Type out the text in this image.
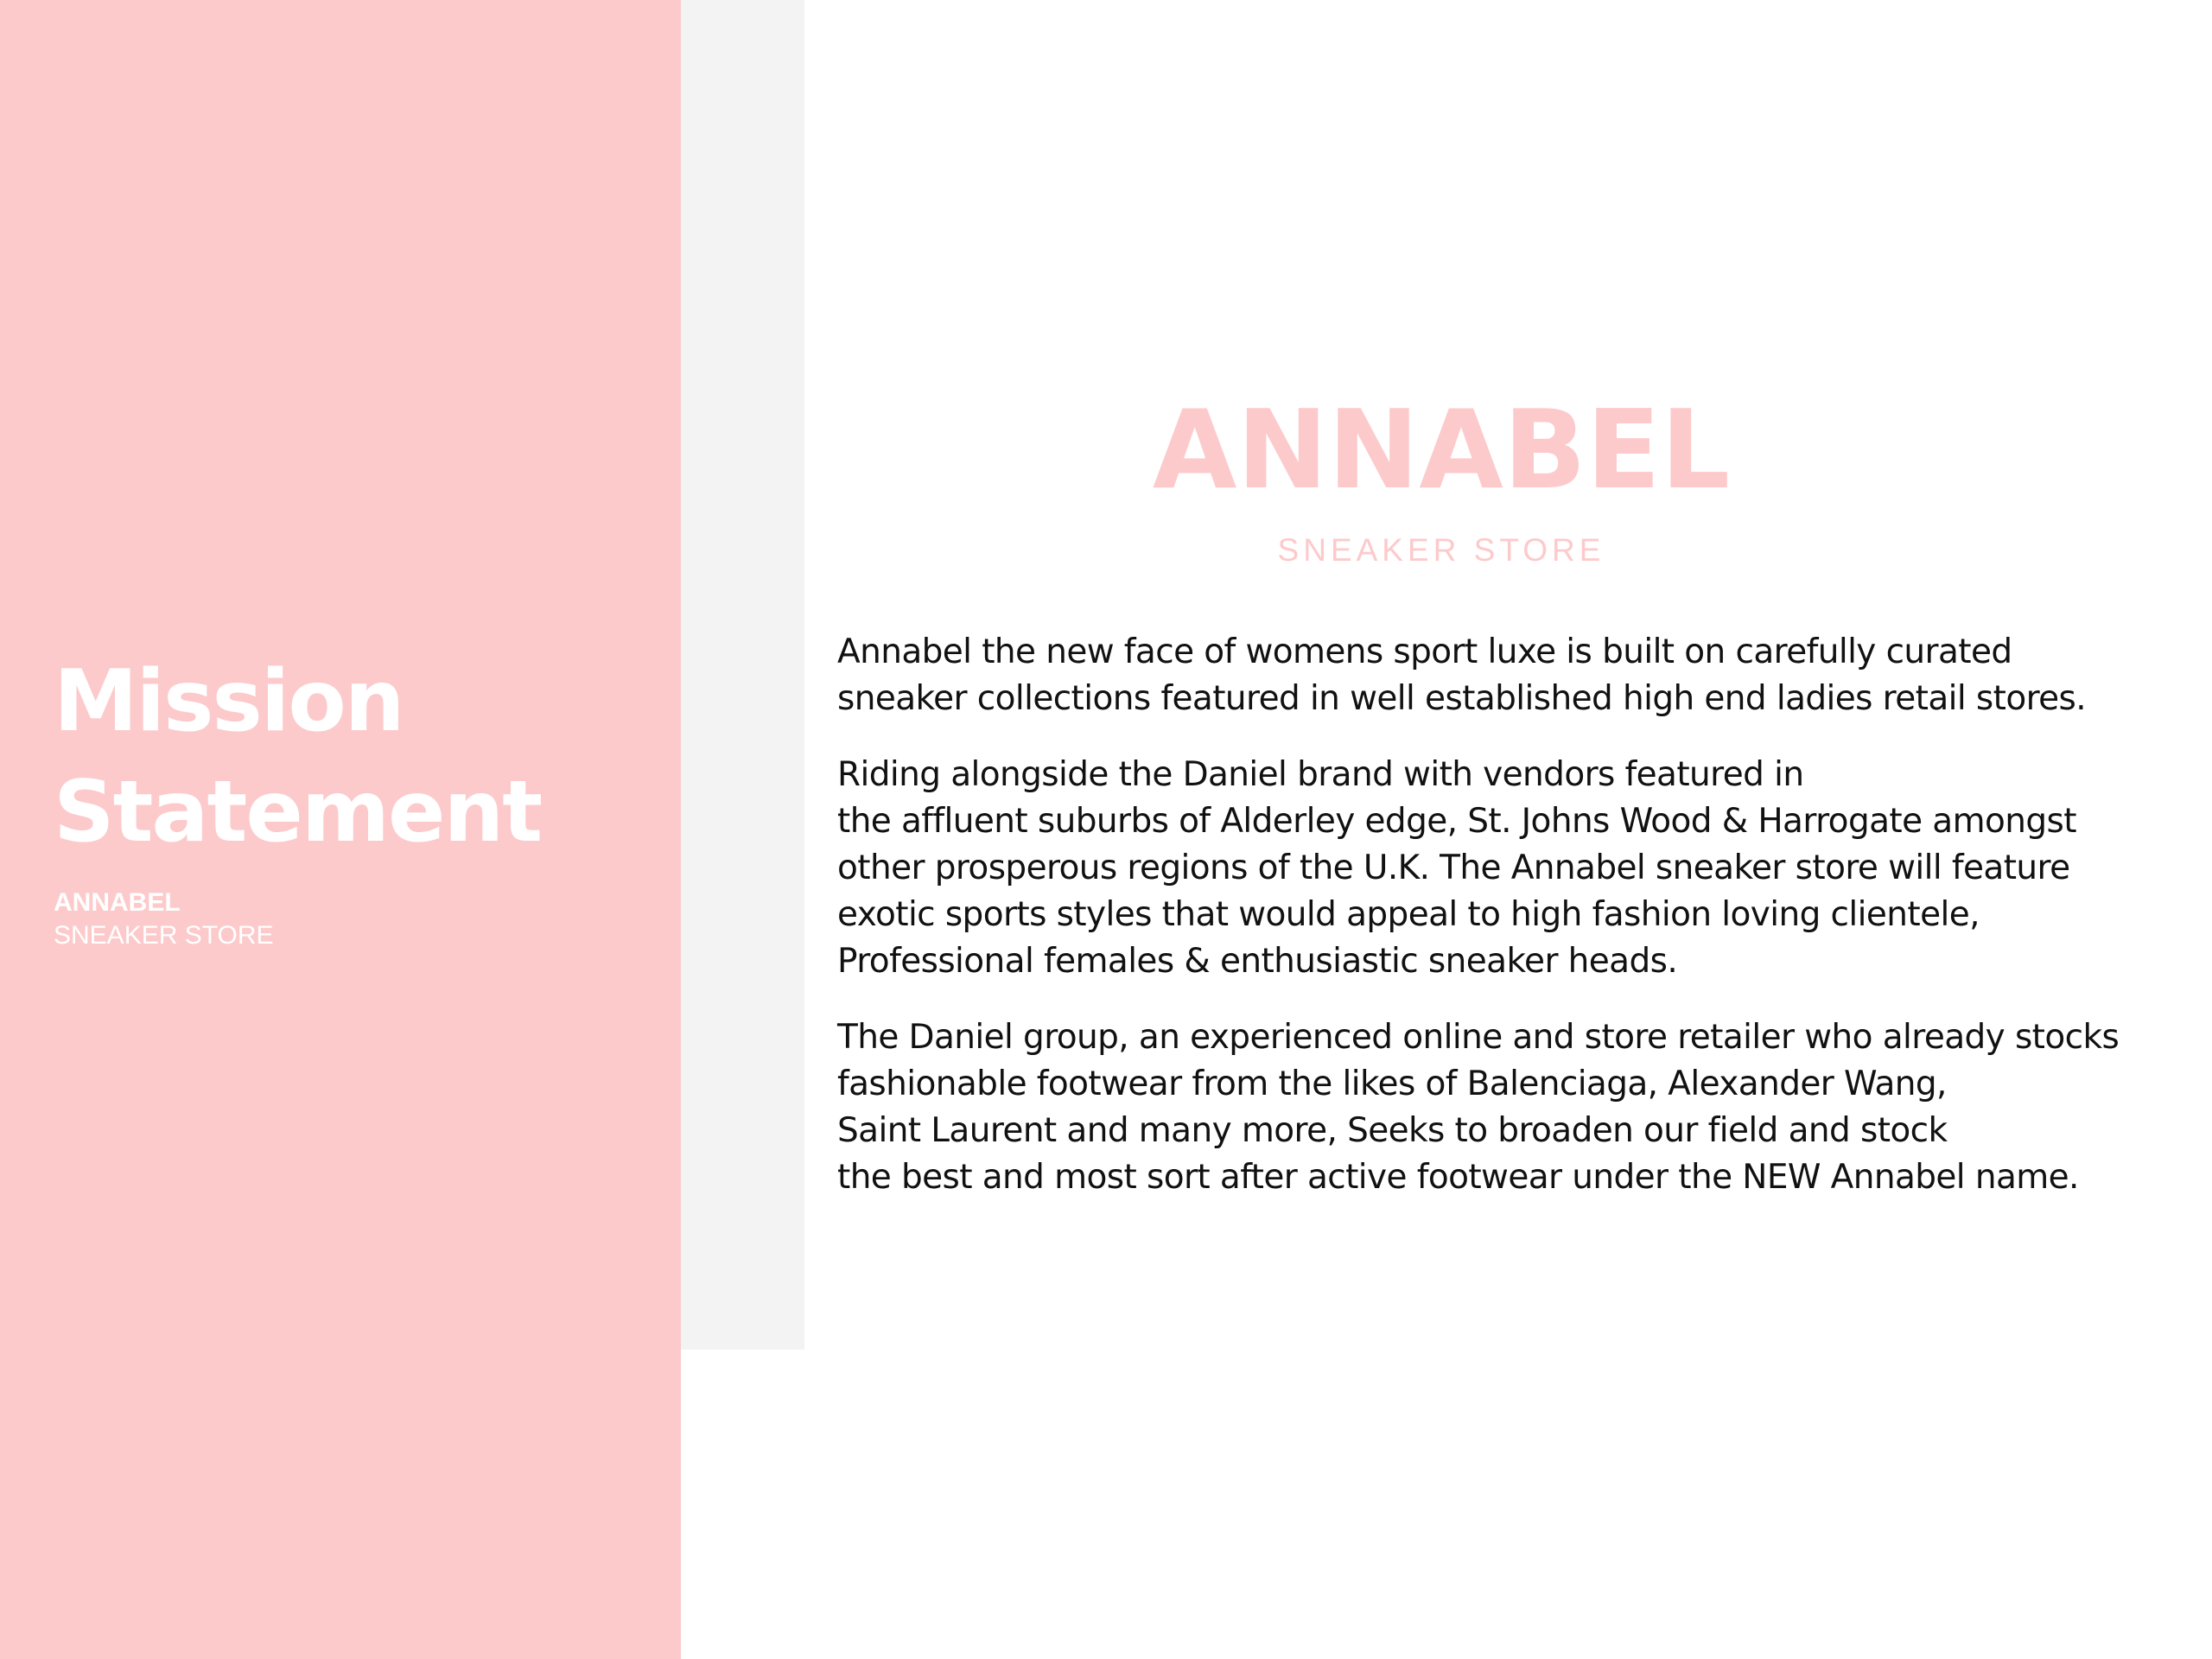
Mission
Statement
ANNABEL
SNEAKER STORE
ANNABEL
SNEAKER STORE

Annabel the new face of womens sport luxe is built on carefully curated
sneaker collections featured in well established high end ladies retail stores.

Riding alongside the Daniel brand with vendors featured in
the affluent suburbs of Alderley edge, St. Johns Wood & Harrogate amongst
other prosperous regions of the U.K. The Annabel sneaker store will feature
exotic sports styles that would appeal to high fashion loving clientele,
Professional females & enthusiastic sneaker heads.

The Daniel group, an experienced online and store retailer who already stocks
fashionable footwear from the likes of Balenciaga, Alexander Wang,
Saint Laurent and many more, Seeks to broaden our field and stock
the best and most sort after active footwear under the NEW Annabel name.
